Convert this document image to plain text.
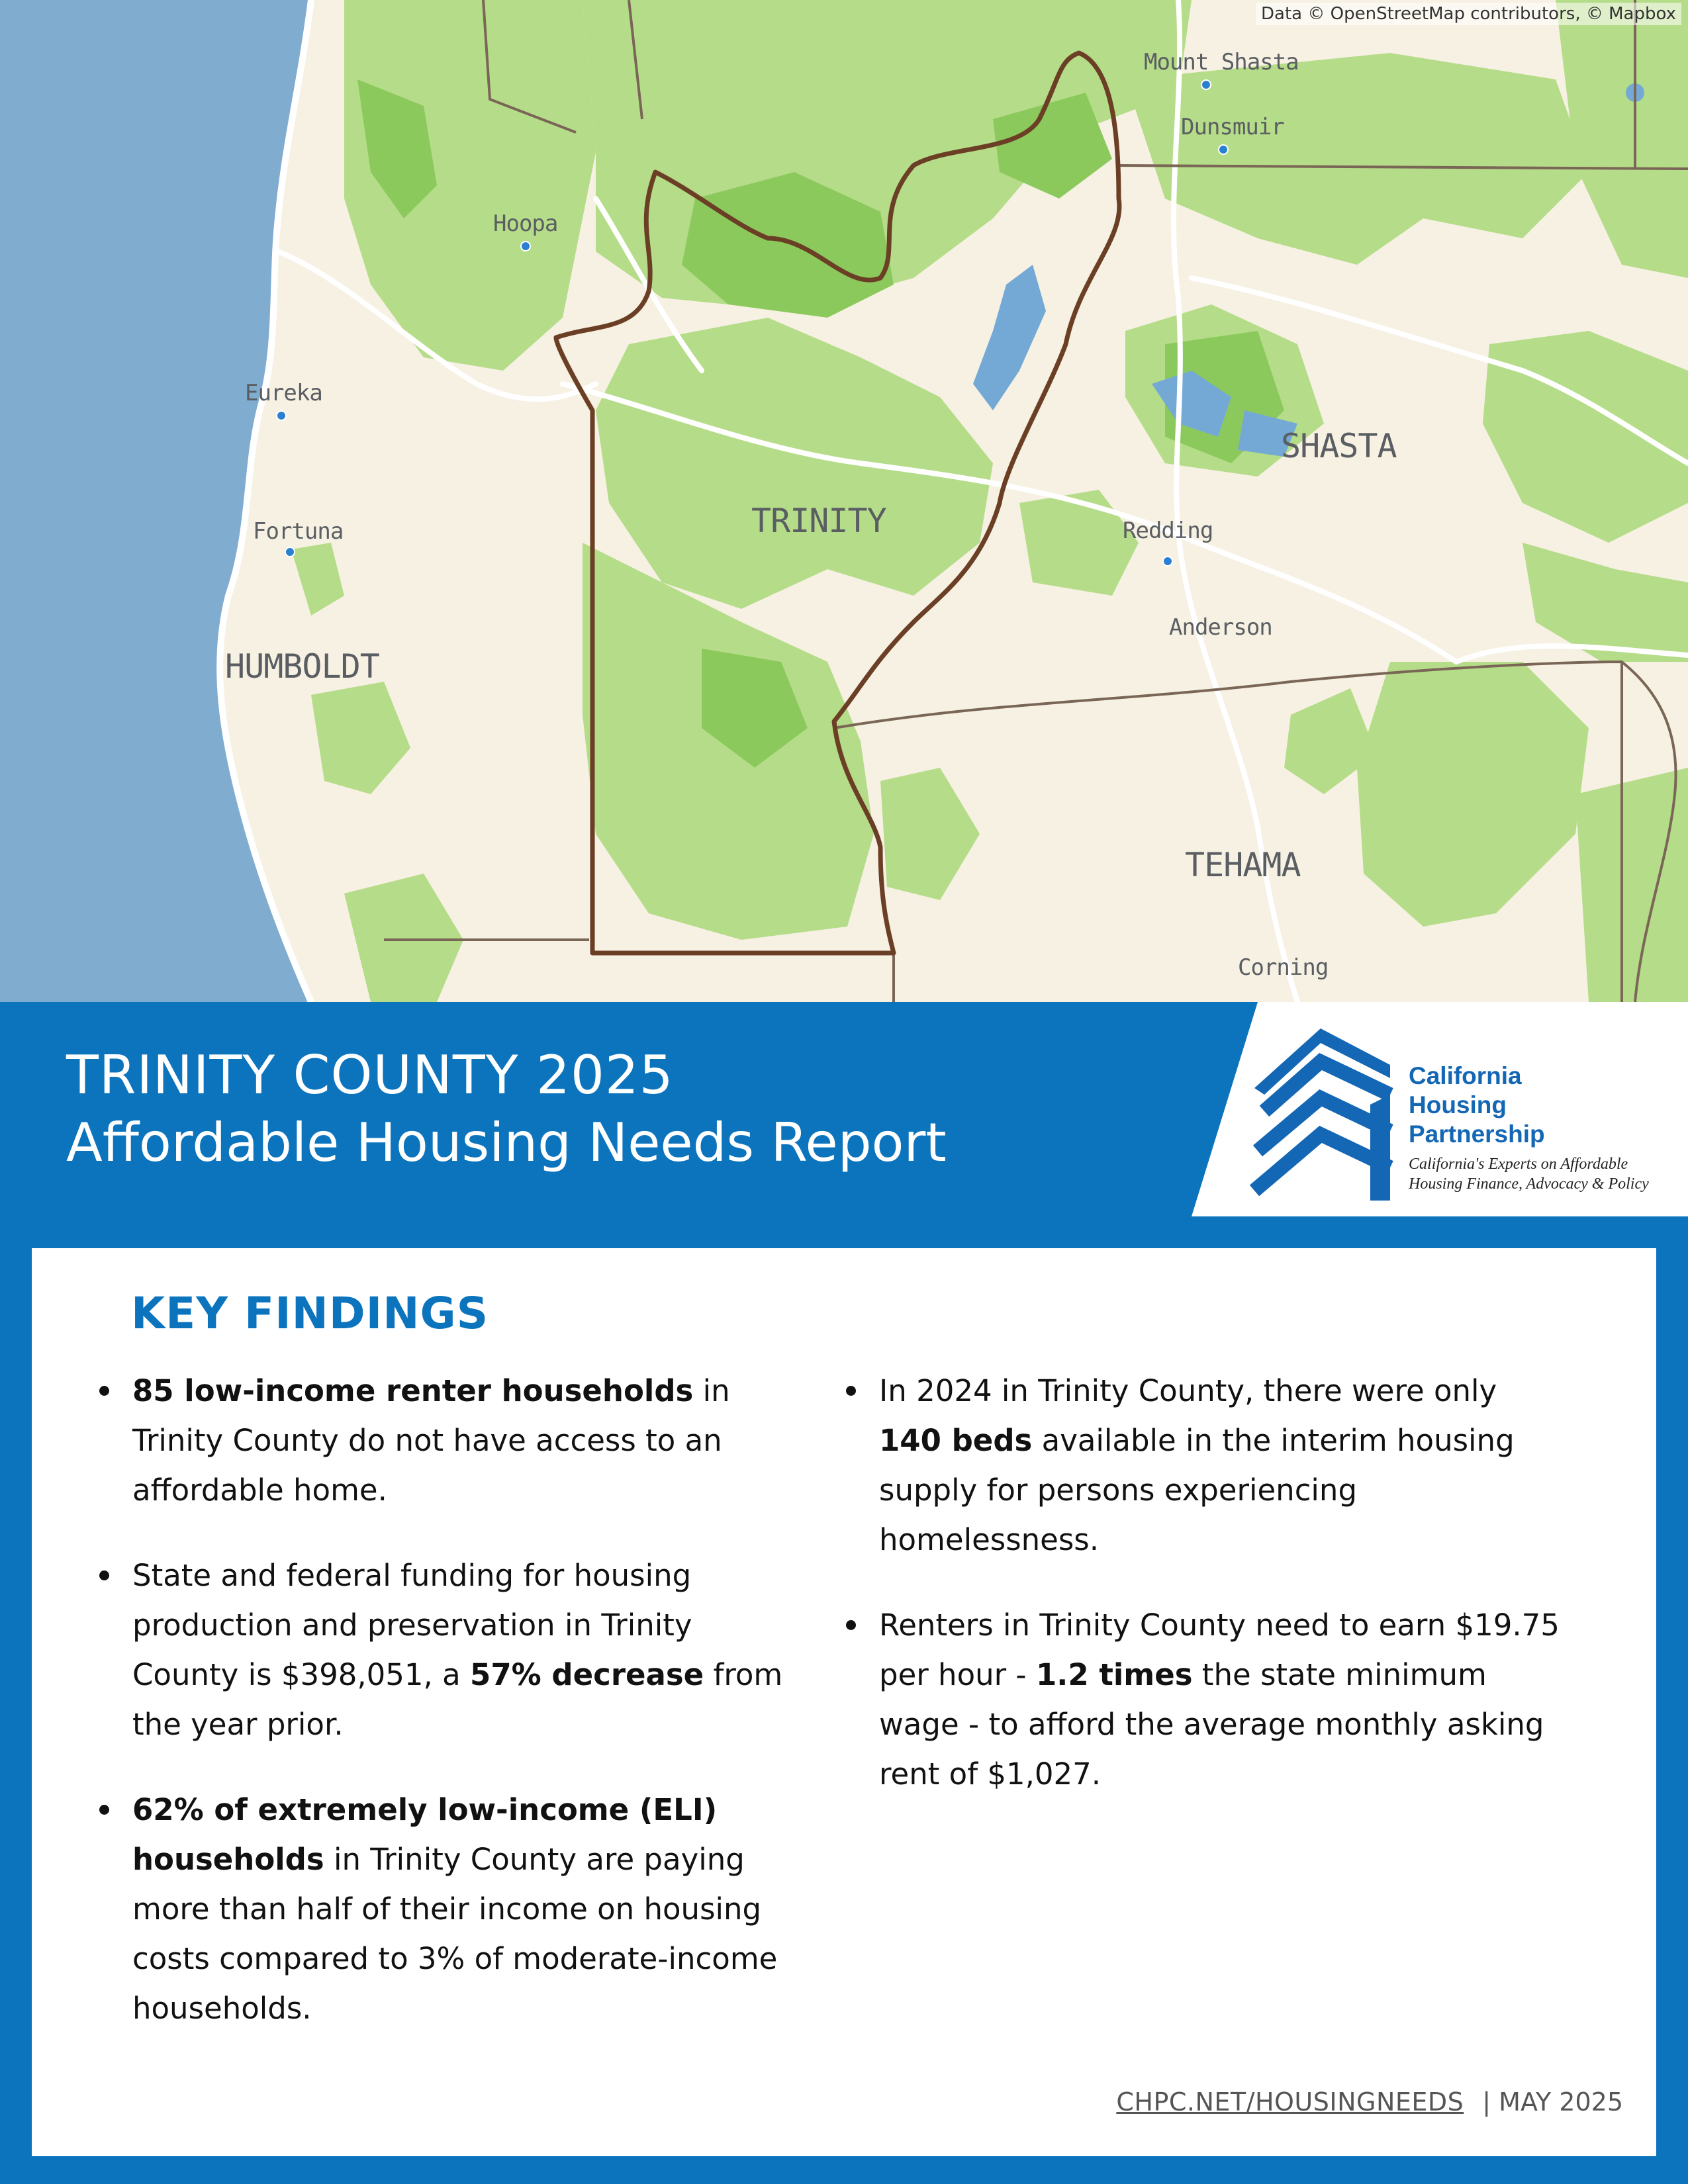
Data © OpenStreetMap contributors, © Mapbox
TRINITY
SHASTA
HUMBOLDT
TEHAMA
Mount Shasta
Dunsmuir
Hoopa
Eureka
Fortuna	Redding
Anderson
Corning
TRINITY COUNTY 2025
Affordable Housing Needs Report
California
Housing
Partnership
California's Experts on Affordable
Housing Finance, Advocacy & Policy
KEY FINDINGS

85 low-income renter households in Trinity County do not have access to an affordable home.

State and federal funding for housing production and preservation in Trinity County is $398,051, a 57% decrease from the year prior.

62% of extremely low-income (ELI) households in Trinity County are paying more than half of their income on housing costs compared to 3% of moderate-income households.

In 2024 in Trinity County, there were only 140 beds available in the interim housing supply for persons experiencing homelessness.

Renters in Trinity County need to earn $19.75 per hour - 1.2 times the state minimum wage - to afford the average monthly asking rent of $1,027.

CHPC.NET/HOUSINGNEEDS | MAY 2025
